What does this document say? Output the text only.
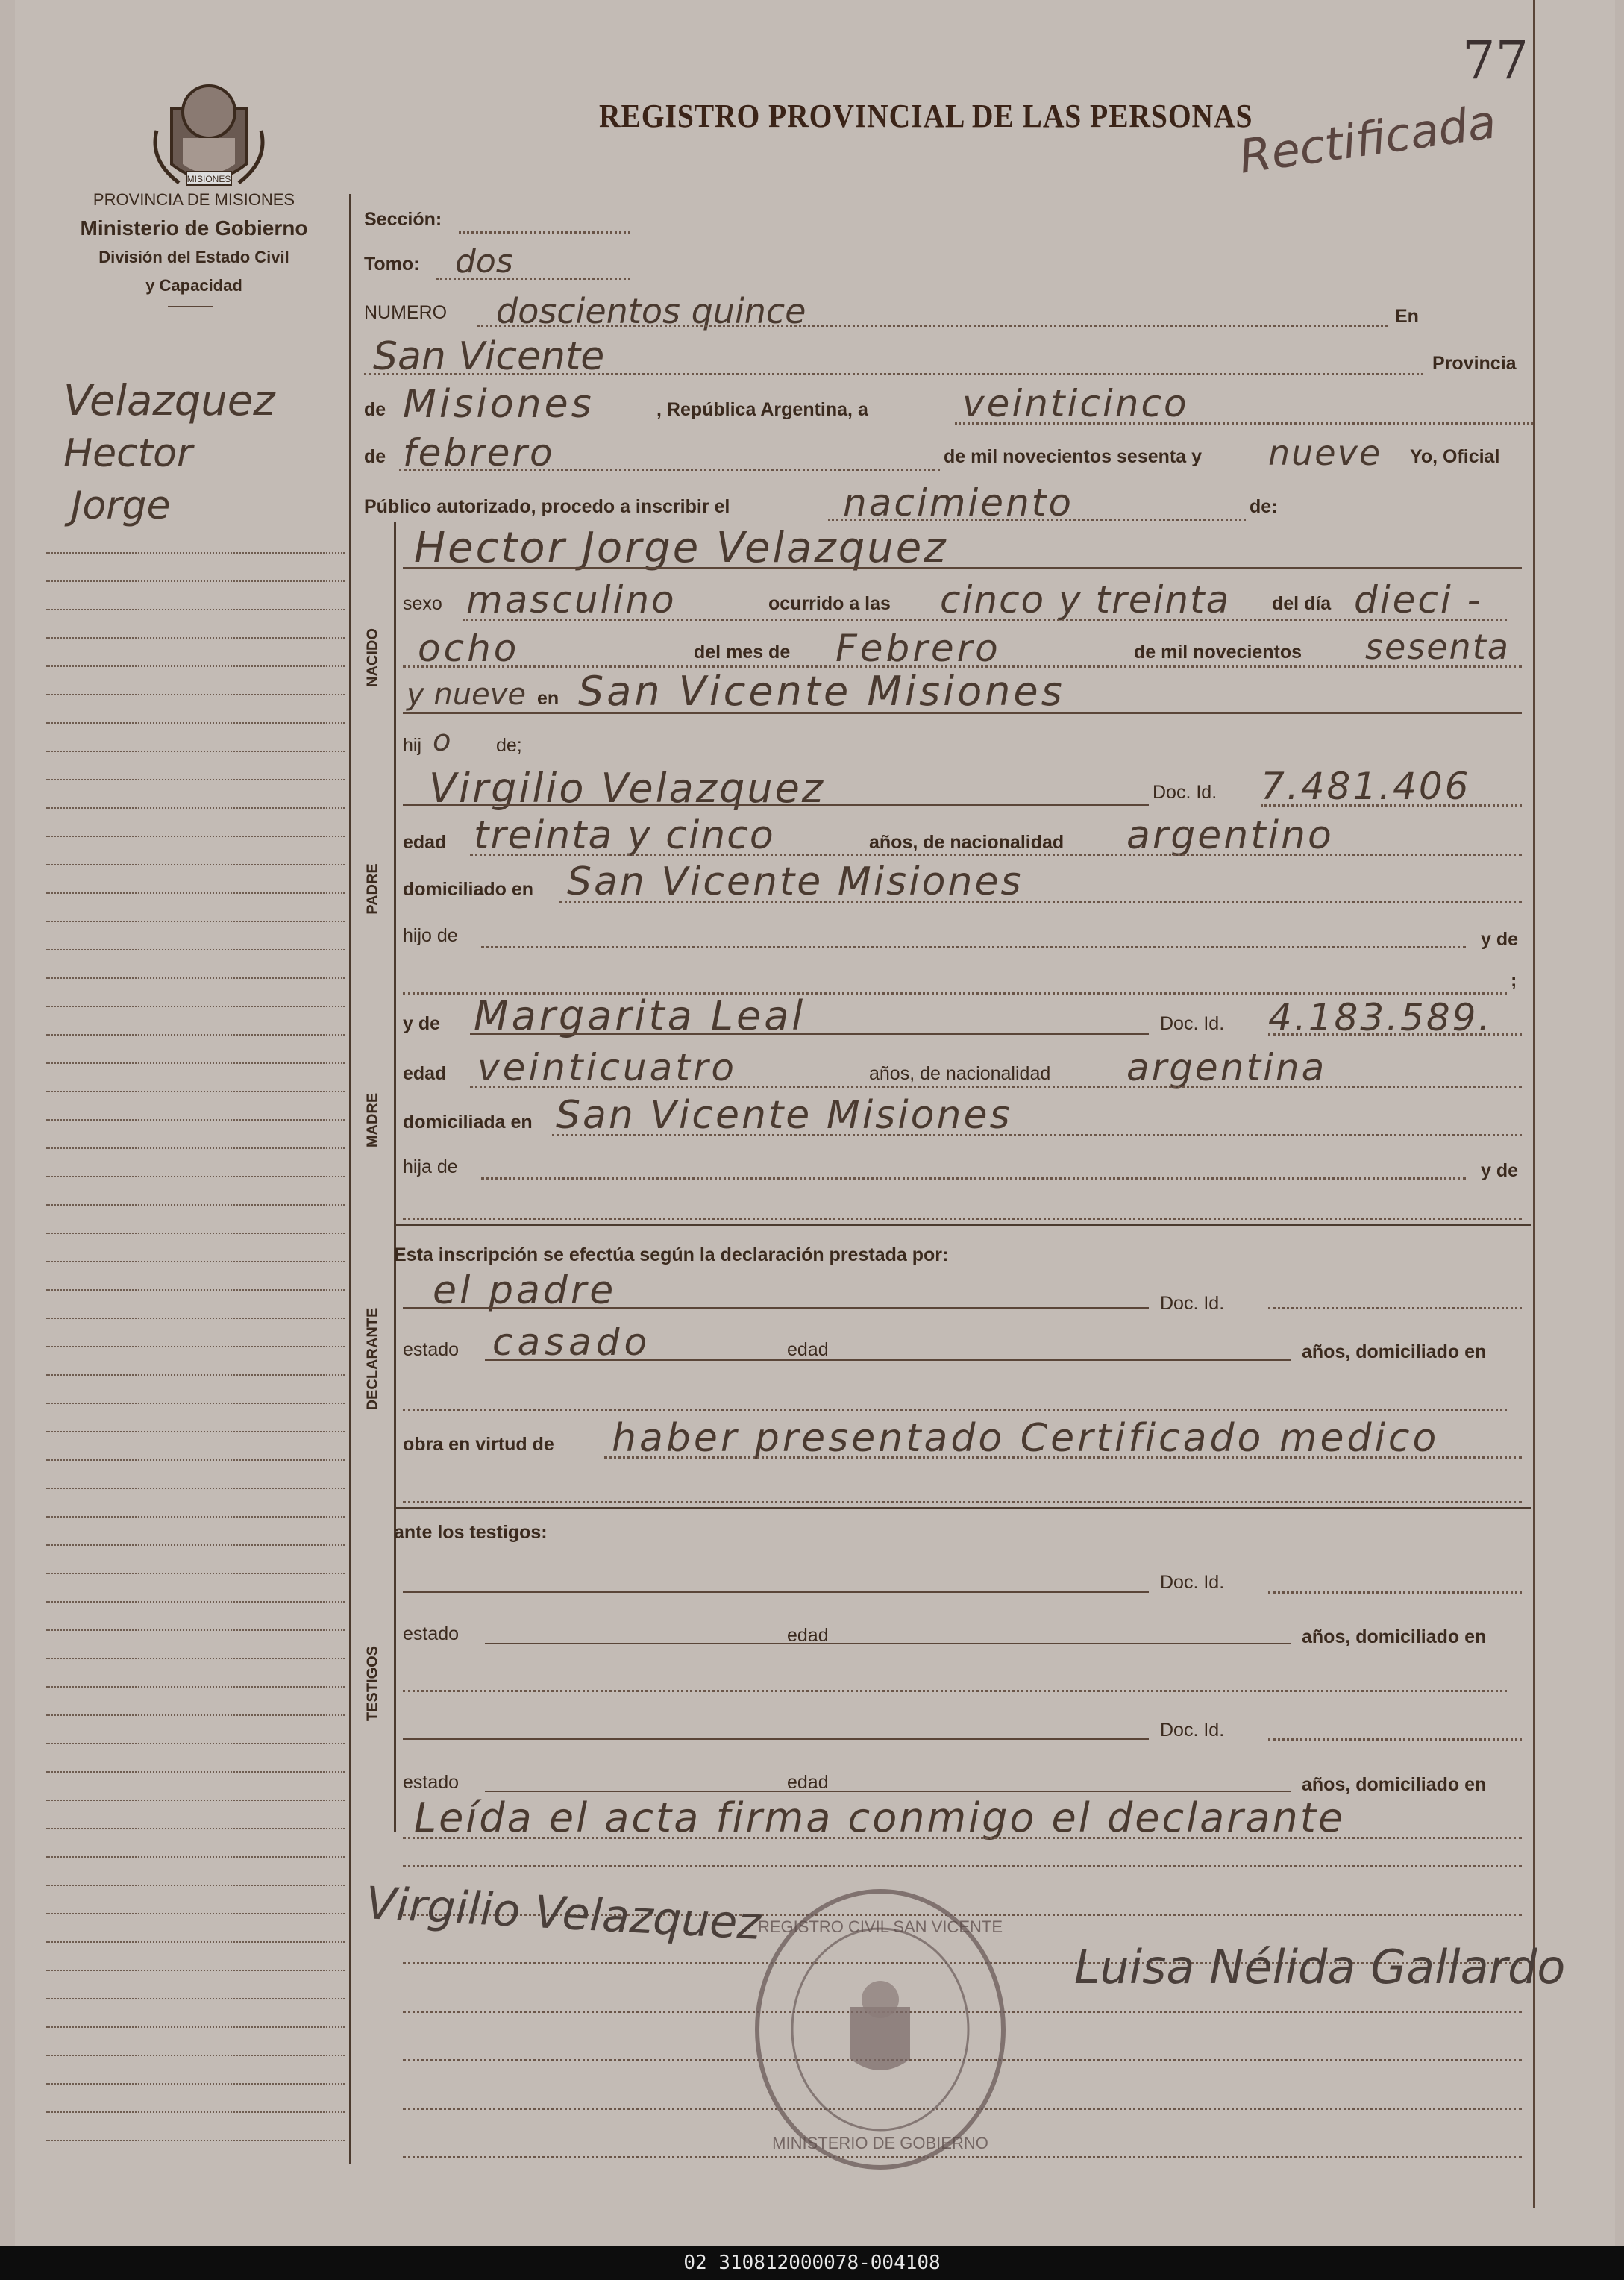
77
MISIONES
PROVINCIA DE MISIONES
Ministerio de Gobierno
División del Estado Civil
y Capacidad
REGISTRO PROVINCIAL DE LAS PERSONAS
Rectificada
Velazquez
Hector
Jorge
Sección:
Tomo: dos
NUMERO doscientos quince	En
San Vicente	Provincia
de Misiones	, República Argentina, a	veinticinco
de febrero	de mil novecientos sesenta y nueve Yo, Oficial
Público autorizado, procedo a inscribir el	nacimiento	de:
NACIDO
Hector Jorge Velazquez
sexo masculino	ocurrido a las cinco y treinta del día dieci -
ocho	del mes de Febrero	de mil novecientos sesenta
y nueve en San Vicente Misiones
hij o de;
PADRE
Virgilio Velazquez	Doc. Id. 7.481.406
edad treinta y cinco	años, de nacionalidad argentino
domiciliado en San Vicente Misiones
hijo de	y de
;
MADRE
y de Margarita Leal	Doc. Id. 4.183.589.
edad veinticuatro	años, de nacionalidad argentina
domiciliada en San Vicente Misiones
hija de	y de
Esta inscripción se efectúa según la declaración prestada por:
DECLARANTE
el padre	Doc. Id.
estado casado	edad	años, domiciliado en
obra en virtud de haber presentado Certificado medico
ante los testigos:
TESTIGOS
Doc. Id.
estado	edad	años, domiciliado en
Doc. Id.
estado	edad	años, domiciliado en
Leída el acta firma conmigo el declarante
Virgilio Velazquez
Luisa Nélida Gallardo
REGISTRO CIVIL SAN VICENTE
MINISTERIO DE GOBIERNO
02_310812000078-004108
